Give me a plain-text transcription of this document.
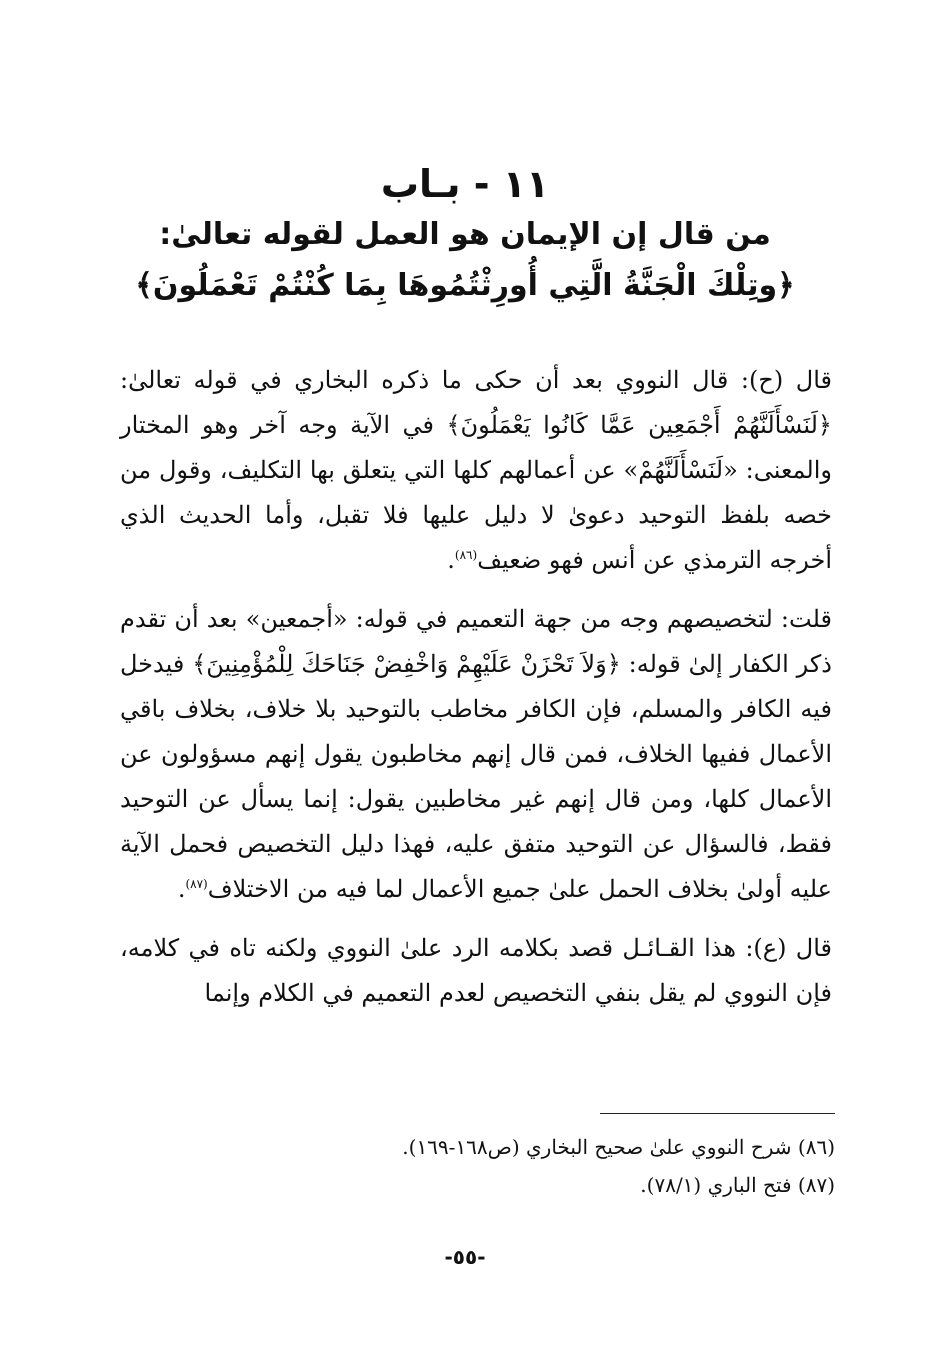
١١ - بـاب
من قال إن الإيمان هو العمل لقوله تعالىٰ:
﴿وتِلْكَ الْجَنَّةُ الَّتِي أُورِثْتُمُوهَا بِمَا كُنْتُمْ تَعْمَلُونَ﴾

قال (ح): قال النووي بعد أن حكى ما ذكره البخاري في قوله تعالىٰ: ﴿لَنَسْأَلَنَّهُمْ أَجْمَعِين عَمَّا كَانُوا يَعْمَلُونَ﴾ في الآية وجه آخر وهو المختار والمعنى: «لَنَسْأَلَنَّهُمْ» عن أعمالهم كلها التي يتعلق بها التكليف، وقول من خصه بلفظ التوحيد دعوىٰ لا دليل عليها فلا تقبل، وأما الحديث الذي أخرجه الترمذي عن أنس فهو ضعيف$^{(٨٦)}$.

قلت: لتخصيصهم وجه من جهة التعميم في قوله: «أجمعين» بعد أن تقدم ذكر الكفار إلىٰ قوله: ﴿وَلاَ تَحْزَنْ عَلَيْهِمْ وَاخْفِضْ جَنَاحَكَ لِلْمُؤْمِنِينَ﴾ فيدخل فيه الكافر والمسلم، فإن الكافر مخاطب بالتوحيد بلا خلاف، بخلاف باقي الأعمال ففيها الخلاف، فمن قال إنهم مخاطبون يقول إنهم مسؤولون عن الأعمال كلها، ومن قال إنهم غير مخاطبين يقول: إنما يسأل عن التوحيد فقط، فالسؤال عن التوحيد متفق عليه، فهذا دليل التخصيص فحمل الآية عليه أولىٰ بخلاف الحمل علىٰ جميع الأعمال لما فيه من الاختلاف$^{(٨٧)}$.

قال (ع): هذا القـائـل قصد بكلامه الرد علىٰ النووي ولكنه تاه في كلامه، فإن النووي لم يقل بنفي التخصيص لعدم التعميم في الكلام وإنما

(٨٦) شرح النووي علىٰ صحيح البخاري (ص١٦٨-١٦٩).
(٨٧) فتح الباري (٧٨/١).
-٥٥-
